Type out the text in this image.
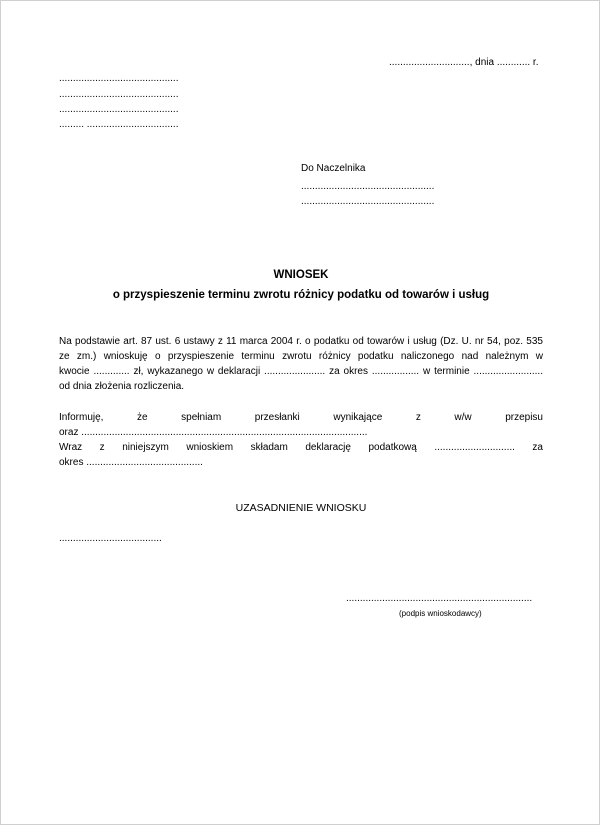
............................., dnia ............ r.
...........................................
...........................................
...........................................
......... .................................
Do Naczelnika
................................................
................................................
WNIOSEK
o przyspieszenie terminu zwrotu różnicy podatku od towarów i usług
Na podstawie art. 87 ust. 6 ustawy z 11 marca 2004 r. o podatku od towarów i usług (Dz. U. nr 54, poz. 535
ze zm.) wnioskuję o przyspieszenie terminu zwrotu różnicy podatku naliczonego nad należnym w
kwocie ............. zł, wykazanego w deklaracji ...................... za okres ................. w terminie .........................
od dnia złożenia rozliczenia.
Informuję, że spełniam przesłanki wynikające z w/w przepisu
oraz .......................................................................................................
Wraz z niniejszym wnioskiem składam deklarację podatkową ............................. za
okres ..........................................
UZASADNIENIE WNIOSKU
.....................................
...................................................................
(podpis wnioskodawcy)
